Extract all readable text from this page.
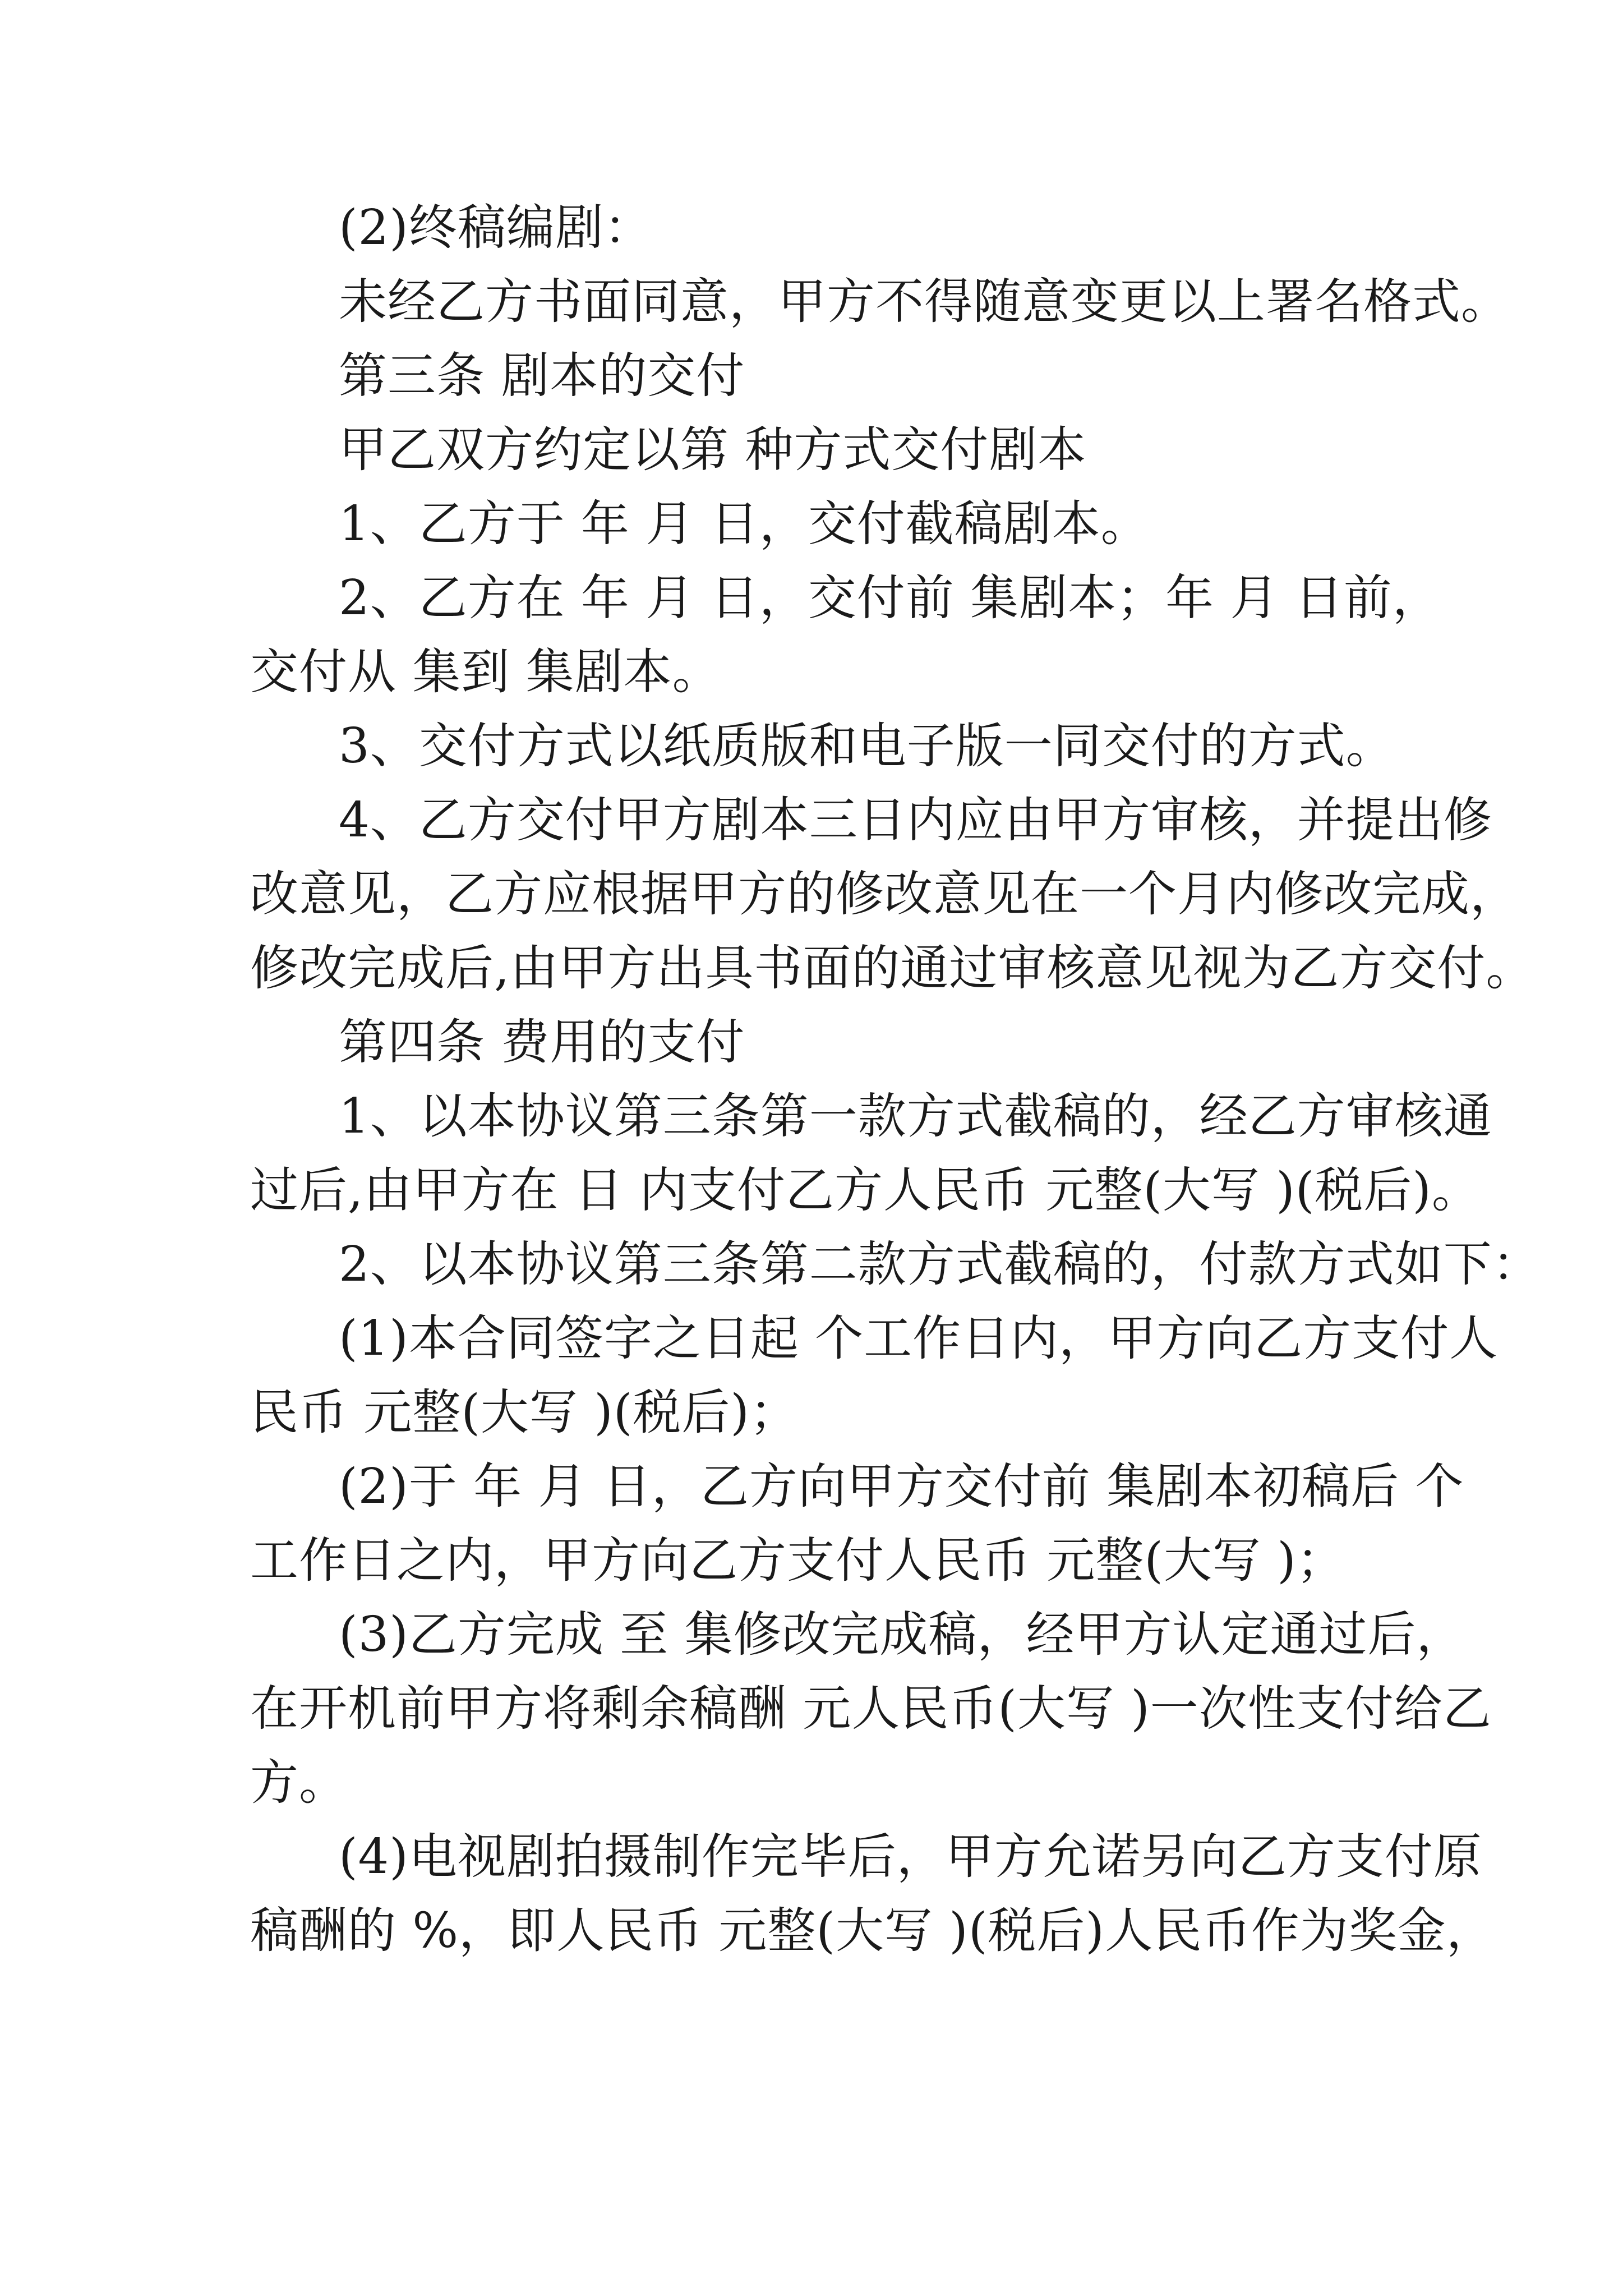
(2)终稿编剧：
未经乙方书面同意，甲方不得随意变更以上署名格式。
第三条 剧本的交付
甲乙双方约定以第 种方式交付剧本
1、乙方于 年 月 日，交付截稿剧本。
2、乙方在 年 月 日，交付前 集剧本；年 月 日前，
交付从 集到 集剧本。
3、交付方式以纸质版和电子版一同交付的方式。
4、乙方交付甲方剧本三日内应由甲方审核，并提出修
改意见，乙方应根据甲方的修改意见在一个月内修改完成，
修改完成后,由甲方出具书面的通过审核意见视为乙方交付。
第四条 费用的支付
1、以本协议第三条第一款方式截稿的，经乙方审核通
过后,由甲方在 日 内支付乙方人民币 元整(大写 )(税后)。
2、以本协议第三条第二款方式截稿的，付款方式如下：
(1)本合同签字之日起 个工作日内，甲方向乙方支付人
民币 元整(大写 )(税后)；
(2)于 年 月 日，乙方向甲方交付前 集剧本初稿后 个
工作日之内，甲方向乙方支付人民币 元整(大写 )；
(3)乙方完成 至 集修改完成稿，经甲方认定通过后，
在开机前甲方将剩余稿酬 元人民币(大写 )一次性支付给乙
方。
(4)电视剧拍摄制作完毕后，甲方允诺另向乙方支付原
稿酬的 %，即人民币 元整(大写 )(税后)人民币作为奖金，
